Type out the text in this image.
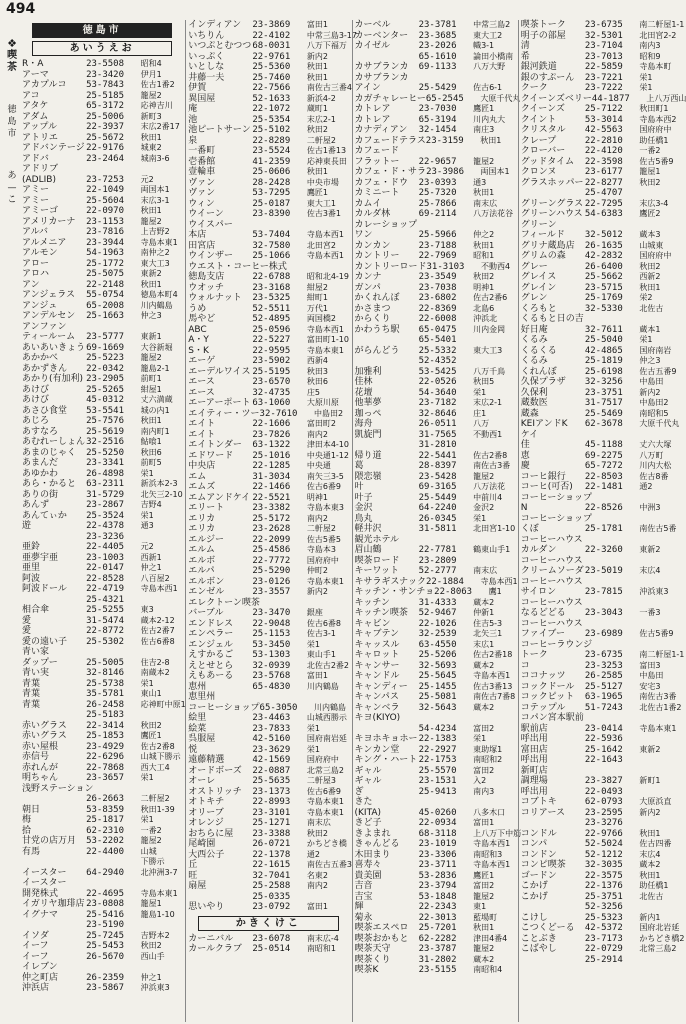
494
❖
喫茶
徳島市
あ—こ
徳島市
あいうえお
R・A	23-5508	昭和4
アーマ	23-3420	伊月1
アカプルコ	53-7843	佐古1番2
アコ	25-5185	籠屋2
アタケ	65-3172	応神吉川
アダム	25-5006	新町3
アップル	22-3937	末広2番17
アトリエ	25-5672	秋田1
アドバンテージ 22-9176	城東2
アドバ	23-2464	城南3-6
アドリブ
(ADLIB)	23-7253	元2
アミー	22-1049	両国本1
アミー	25-5604	末広3-1
アミーゴ	22-0970	秋田1
アメリカーナ	23-1153	籠屋2
アルバ	23-7816	上吉野2
アルメニア	23-3944	寺島本東1
アルモン	54-1963	南仲之2
アロー	25-1772	東大工3
アロハ	25-5075	東新2
アン	22-2148	秋田1
アンジェラス	55-0754	徳島本町4
アンジュ	65-2008	川内鶴島
アンデルセン	25-1663	仲之3
アンファン
ティールーム	23-5777	東新1
あいあいきょう 69-1669	大谷新堀
あかかべ	25-5223	籠屋2
あかずきん	22-0342	籠島2-1
あかり(有加利) 23-2905	前町1
あけび	25-5265	紺屋1
あけび	45-0312	丈六満蔵
あさひ食堂	53-5541	城の内1
あじろ	25-7576	秋田1
あすなろ	25-5619	南内町1
あむれーしょん 32-2516	鮎喰1
あまのじゃく	25-5250	秋田6
あまんだ	23-3341	前町5
あゆかわ	26-4898	栄1
あら・かると	63-2311	新浜本2-3
ありの街	31-5729	北矢三2-10
あんず	23-2867	吉野4
あんてぃか	25-3524	栄1
遊	22-4378	通3
23-3236
亜鈴	22-4405	元2
亜夢宇亜	23-1003	西新1
亜里	22-0147	仲之1
阿波	22-8528	八百屋2
阿波ドール	22-4719	寺島本西1
25-4321
相合傘	25-5255	東3
愛	31-5474	蔵本2-12
愛	22-8772	佐古2番7
愛の遠い子	25-5302	佐古6番8
青い家
ダップー	25-5005	住吉2-8
青い実	32-8146	南蔵本2
青葉	25-5738	栄1
青葉	35-5781	東山1
青葉	26-2458	応神町中原1
25-5183
赤いグラス	22-3414	秋田2
赤いグラス	25-1853	鷹匠1
赤い屋根	23-4929	佐古2番8
赤信号	22-6296	山城下勝示
赤れんが	22-7868	西大工4
明ちゃん	23-3657	栄1
浅野ステーション
26-2663	二軒屋2
朝日	53-8359	秋田1-39
梅	25-1817	栄1
拾	62-2310	一番2
甘党の店万月	53-2202	籠屋2
有馬	22-4400	山城
下勝示
イースター	64-2940	北沖洲3-7
イースター
開発株式	22-4695	寺島本東1
イガリヤ珈琲店 23-0808	籠屋1
イグナマ	25-5416	籠島1-10
23-5190
イソダ	25-7245	吉野本2
イーフ	25-5453	秋田2
イーフ	26-5670	西山手
イレブン
仲之町店	26-2359	仲之1
沖浜店	23-5867	沖浜東3
インディアン	23-3869	富田1
いちりん	22-4102	中常三島3-17
いつぷとむつつ 68-0031	八万下福万
いっぷく	22-9761	新内2
いとしな	25-5360	秋田1
井藤一夫	25-7460	秋田1
伊賀	22-7566	南佐古三番4
異国屋	52-1633	新浜4-2
庵	22-1072	蔵町1
池	25-5354	末広2-1
池ピートサーン 25-5102	秋田2
泉	22-8289	二軒屋2
一番町	23-5524	佐古1番13
壱番館	41-2359	応神東長田
壹輪車	25-0606	秋田1
ヴァン	28-2428	中央市場
ヴァン	53-7295	鷹匠1
ウィン	25-0187	東大工1
ウイーン	23-8390	佐古3番1
ウイスパー
本店	53-7404	寺島本西1
田宮店	32-7580	北田宮2
ウインザー	25-1066	寺島本西1
ウエスト・コーヒー株式
徳島支店	22-6788	昭和北4-19
ウオッチ	23-3168	紺屋2
ウォルナット	23-5325	紺町1
うめ	52-5511	万代1
馬やど	52-4895	両国橋2
ABC	25-0596	寺島本西1
A・Y	22-5227	富田町1-10
S・K	22-9595	寺島本東1
エーゲ	23-5902	西新4
エーデルワイス 25-5195	秋田3
エース	23-6570	秋田6
エース	32-4735	庄5
エーアーポート 63-1060	大原川原
エイティー・ツー 32-7610	中島田2
エイト	22-1606	富田町2
エイト	23-7826	南内2
エイトンダー	63-1322	津田本4-10
エドワード	25-1016	中央通1-12
中央店	22-1285	中央通
エム	31-3034	南矢三3-5
エムズ	22-1466	佐古6番9
エムアンドケイ 22-5521	明神1
エリート	23-3382	寺島本東3
エリカ	25-5172	南内2
エリカ	23-2628	二軒屋2
エルジー	22-2099	佐古5番5
エルム	25-4586	寺島本3
エルボ	22-7772	国府府中
エルパ	25-5290	仲町2
エルボン	23-0126	寺島本東1
エンゼル	23-3557	新内2
エレクトーン喫茶
バーブル	23-3470	銀座
エンドレス	22-9048	佐古6番8
エンペラー	25-1153	佐古3-1
エンジェル	53-3450	栄1
えすかるご	53-1303	東山手1
えとせとら	32-0939	北佐古2番2
えもあーる	23-5768	富田1
恵州	65-4830	川内鶴島
恵里州
コーヒーショップ 65-3050	川内鶴島
絵里	23-4463	山城西勝示
絵菜	23-7833	栄1
呉服屋	42-5160	国府南岩延
悦	23-3629	栄1
遠藤精選	42-1569	国府府中
オードボーズ	22-0887	北常三島2
オーレ	25-5635	二軒屋3
オストリッチ	23-1373	佐古6番9
オトキチ	22-8993	寺島本東1
オリーブ	23-3101	寺島本東1
オレンジ	25-1271	南末広
おちらに屋	23-3388	秋田2
尾崎園	26-0721	かちどき橋
大西公子	22-1378	通2
丘	22-1615	南佐古五番3
旺	32-7041	名東2
扇屋	25-2588	南内2
25-0335
思いやり	23-0792	富田1
かきくけこ
カーニバル	23-6078	南末広-4
カールクラブ	25-0514	南昭和1
カーベル	23-3781	中常三島2
カーベンター	23-3685	東大工2
カイゼル	23-2026	幟3-1
65-1610	論田小橋南
カサブランカ	69-1133	八万大野
カサブランカ
アイン	25-5429	佐古6-1
カガチャレーヒー 65-2545	大原千代丸
カトレア	23-7030	鷹匠1
カトレア	65-3194	川内丸大
カナディアン	32-1454	南庄3
カフェードテラス 23-3159	秋田1
カフェード
フラットー	22-9657	籠屋2
カフェ・ド・サラ 23-3986	両国本1
カフェ・ドウ	23-0393	通3
カミニート	25-7320	秋田1
カムイ	25-7866	南末広
カルダ林	69-2114	八万法花谷
カレーショップ
ワン	25-5966	仲之2
カンカン	23-7188	秋田1
カントリー	22-7969	昭和1
カントリーロード 31-3103	不動西4
カンナ	23-3549	秋田2
ガンパ	23-7038	明神1
かくれんぼ	23-6802	佐古2番6
かさまつ	22-8369	北島6
からくり	22-6008	沖浜北
かわうち駅	65-0475	川内金岡
65-5401
がらんどう	25-5332	東大工3
52-4352
加雅利	53-5425	八万千鳥
佳林	22-0526	秋田5
花壇	54-3640	栄1
他華夢	23-7182	末広2-1
珈っぺ	32-8646	庄1
海舟	26-0511	八万
凱旋門	31-7565	不動西1
31-2810
帰り道	22-5441	佐古2番8
葛	28-8397	南佐古3番
隈恋嶺	23-5428	籠屋2
叶	69-3165	八万法花
叶子	25-5449	中前川4
金沢	64-2240	金沢2
鳥丸	26-0345	栄1
軽井沢	31-5811	北田宮1-10
観光ホテル
眉山鶴	22-7781	鶴東山手1
喫茶ロード	23-2809
キーワット	52-2777	南末広
キサラギスナック 22-1884	寺島本西1
キッチン・サンチョ 22-8063	鷹1
キッチン	31-4333	蔵本2
キッチン喫茶	52-9467	仲新1
キャビン	22-1026	住吉5-3
キャブテン	32-2539	北矢三1
キャッスル	63-4550	末広1
キャロット	25-5206	佐古2番18
キャンサー	32-5693	蔵本2
キャンドル	25-5645	寺島本西1
キャンディー	25-1455	佐古3番13
キャンパス	25-5081	南佐古7番8
キャンベラ	32-5643	蔵本2
キヨ(KIYO)
54-4234	富田2
キヨホキョホー 22-1383	栄1
キンカン堂	22-2927	東助塚1
キング・ハート 22-1753	南昭和2
ギャル	25-5570	富田2
ギャル	23-1531	入2
ぎ	25-9413	南内3
きた
(KITA)	45-0260	八多木口
きど子	22-0934	富田1
きよまれ	68-3118	上八万下中筋
きゃんどる	23-1019	寺島本西1
木田まり	23-3306	南昭和3
喜寿々	23-3711	寺島本西1
貴美園	53-2836	鷹匠1
吉音	23-3794	富田2
吉宝	53-1848	籠屋2
輝	22-2343	東1
菊永	22-3013	藍場町
喫茶エスペロ	25-7201	秋田1
喫茶おかもと	62-2282	津田4番4
喫茶天守	23-3787	籠屋2
喫茶くり	31-2802	蔵本2
喫茶K	23-5155	南昭和4
喫茶トーク	23-6735	南二軒屋1-1
明子の部屋	32-5301	北田宮2-2
清	23-7104	南内3
希	23-7013	昭和9
銀河鉄道	22-5859	寺島本町
銀のすぷーん	23-7221	栄1
クーク	23-7222	栄1
クイーンズベリー 44-1877	上八万西山
クイーンズ	25-7122	秋田町1
クイント	53-3014	寺島本西2
クリスタル	42-5563	国府府中
クレープ	22-2810	助任橋1
クローバー	22-4120	一番2
グッドタイム	22-3598	佐古5番9
クロンヌ	23-6177	籠屋1
グラスホッパー 22-8277	秋田2
25-4707
グリーングラス 22-7295	末広3-4
グリーンハウス 54-6383	鷹匠2
グリーン
フィールド	32-5012	蔵本3
グリナ蔵島店	26-1635	山城東
グリムの森	42-2832	国府府中
グレー	26-6400	秋田2
グレイス	25-5662	西新2
グレイン	23-5715	秋田1
グレン	25-1769	栄2
くろもと	32-5330	北佐古
くるもと日の吉
好日庵	32-7611	蔵本1
くるみ	25-5040	栄1
くるくる	42-4865	国府南岩
くるみ	25-1819	仲之3
くれんぼ	25-6198	佐古五番9
久保プラザ	32-3256	中島田
久保利	23-3751	新内2
蔵数医	31-7517	中島田2
蔵森	25-5469	南昭和5
KEIアンドK	62-3678	大原千代丸
ケイ
佳	45-1188	丈六大塚
恵	69-2275	八万町
慶	65-7272	川内大松
コーヒ銀行	22-8503	佐古8番
コーヒ(可否)	22-1481	通2
コーヒーショップ
N	22-8526	中洲3
コーヒーショップ
くぼ	25-1781	南佐古5番
コーヒーハウス
カルダン	22-3260	東新2
コーヒーハウス
クリームソーダ 23-5019	末広4
コーヒーハウス
サイロン	23-7815	沖浜東3
コーヒーハウス
なるどどる	23-3043	一番3
コーヒーハウス
ファイブー	23-6989	佐古5番9
コーヒーラウンジ
トーク	23-6735	南二軒屋1-1
コ	23-3253	富田3
ココナッツ	26-2585	中島田
コックドール	25-5127	安宅3
コックピット	63-1965	南佐古3番
コテップル	51-7243	北佐古1番2
コパン宮本駅前
駅前店	23-0414	寺島本東1
呼出用	22-5936
富田店	25-1642	東新2
呼出用	22-1643
新町店
調理場	23-3827	新町1
呼出用	22-0493
コブトキ	62-0793	大原浜直
コリアース	23-2595	新内2
23-3276
コンドル	22-9766	秋田1
コンパ	52-5024	佐古四番
コンドン	52-1212	末広4
コンピ喫茶	32-3035	蔵本2
ゴードン	22-3575	秋田1
こかげ	22-1376	助任橋1
こかげ	25-3751	北佐古
52-3256
こけし	25-5323	新内1
こつくどーる	42-5372	国府北岩延
ことぶき	23-7173	かちどき橋2
こばやし	22-0729	北常三島2
25-2914
